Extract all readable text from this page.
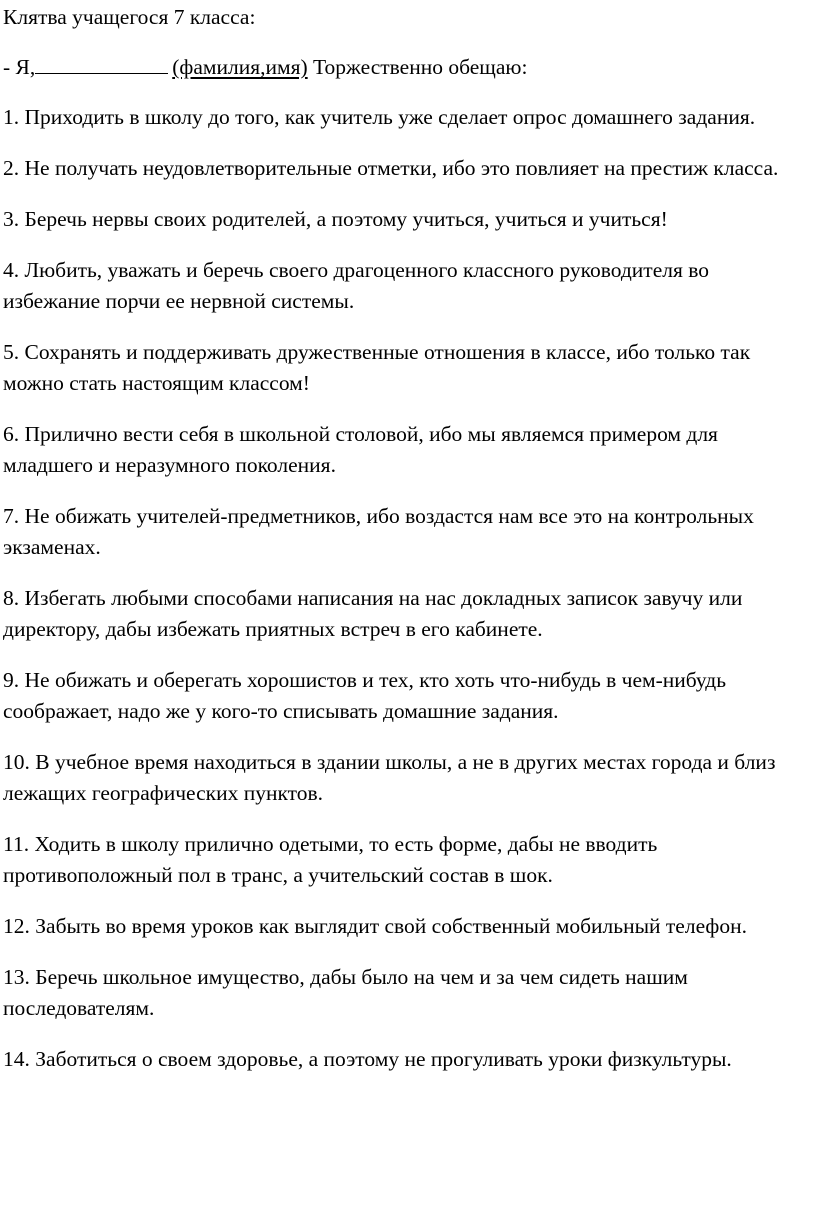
Клятва учащегося 7 класса:
- Я,	(фамилия,имя) Торжественно обещаю:
1. Приходить в школу до того, как учитель уже сделает опрос домашнего задания.
2. Не получать неудовлетворительные отметки, ибо это повлияет на престиж класса.
3. Беречь нервы своих родителей, а поэтому учиться, учиться и учиться!
4. Любить, уважать и беречь своего драгоценного классного руководителя во избежание порчи ее нервной системы.
5. Сохранять и поддерживать дружественные отношения в классе, ибо только так можно стать настоящим классом!
6. Прилично вести себя в школьной столовой, ибо мы являемся примером для младшего и неразумного поколения.
7. Не обижать учителей-предметников, ибо воздастся нам все это на контрольных экзаменах.
8. Избегать любыми способами написания на нас докладных записок завучу или директору, дабы избежать приятных встреч в его кабинете.
9. Не обижать и оберегать хорошистов и тех, кто хоть что-нибудь в чем-нибудь соображает, надо же у кого-то списывать домашние задания.
10. В учебное время находиться в здании школы, а не в других местах города и близ лежащих географических пунктов.
11. Ходить в школу прилично одетыми, то есть форме, дабы не вводить противоположный пол в транс, а учительский состав в шок.
12. Забыть во время уроков как выглядит свой собственный мобильный телефон.
13. Беречь школьное имущество, дабы было на чем и за чем сидеть нашим последователям.
14. Заботиться о своем здоровье, а поэтому не прогуливать уроки физкультуры.
